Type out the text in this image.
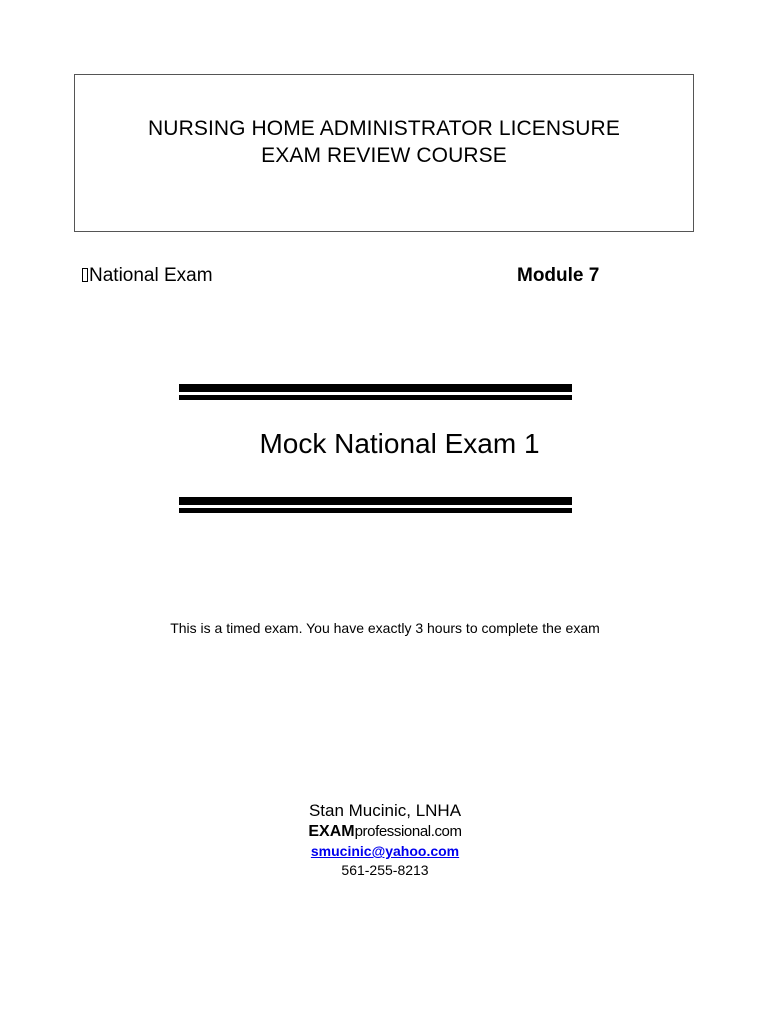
NURSING HOME ADMINISTRATOR LICENSURE
EXAM REVIEW COURSE
National Exam	Module 7
Mock National Exam 1
This is a timed exam. You have exactly 3 hours to complete the exam
Stan Mucinic, LNHA
EXAMprofessional.com
smucinic@yahoo.com
561-255-8213
